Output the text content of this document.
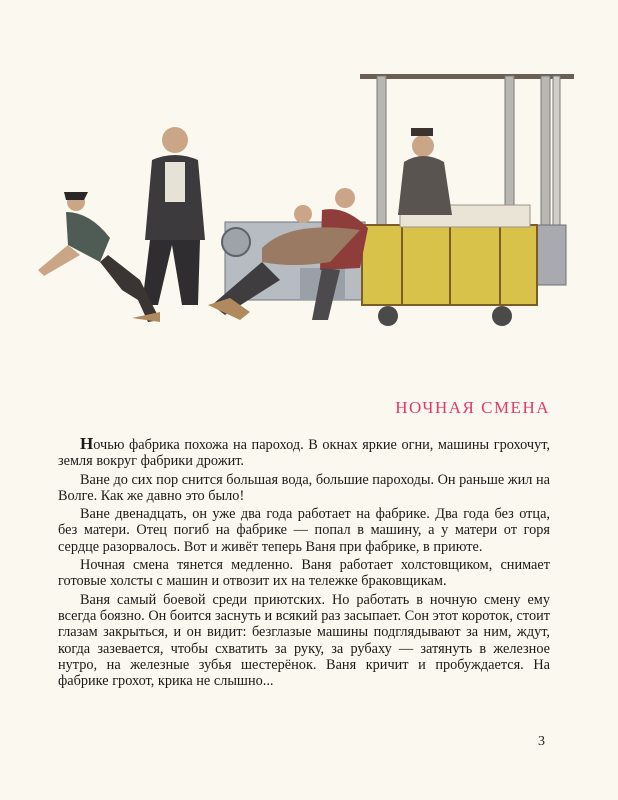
НОЧНАЯ СМЕНА

Ночью фабрика похожа на пароход. В окнах яркие огни, машины грохочут, земля вокруг фабрики дрожит.

Ване до сих пор снится большая вода, большие пароходы. Он раньше жил на Волге. Как же давно это было!

Ване двенадцать, он уже два года работает на фабрике. Два года без отца, без матери. Отец погиб на фабрике — попал в машину, а у матери от горя сердце разорвалось. Вот и живёт теперь Ваня при фабрике, в приюте.

Ночная смена тянется медленно. Ваня работает холстовщиком, снимает готовые холсты с машин и отвозит их на тележке браковщикам.

Ваня самый боевой среди приютских. Но работать в ночную смену ему всегда боязно. Он боится заснуть и всякий раз засыпает. Сон этот короток, стоит глазам закрыться, и он видит: безглазые машины подглядывают за ним, ждут, когда зазевается, чтобы схватить за руку, за рубаху — затянуть в железное нутро, на железные зубья шестерёнок. Ваня кричит и пробуждается. На фабрике грохот, крика не слышно...

3
